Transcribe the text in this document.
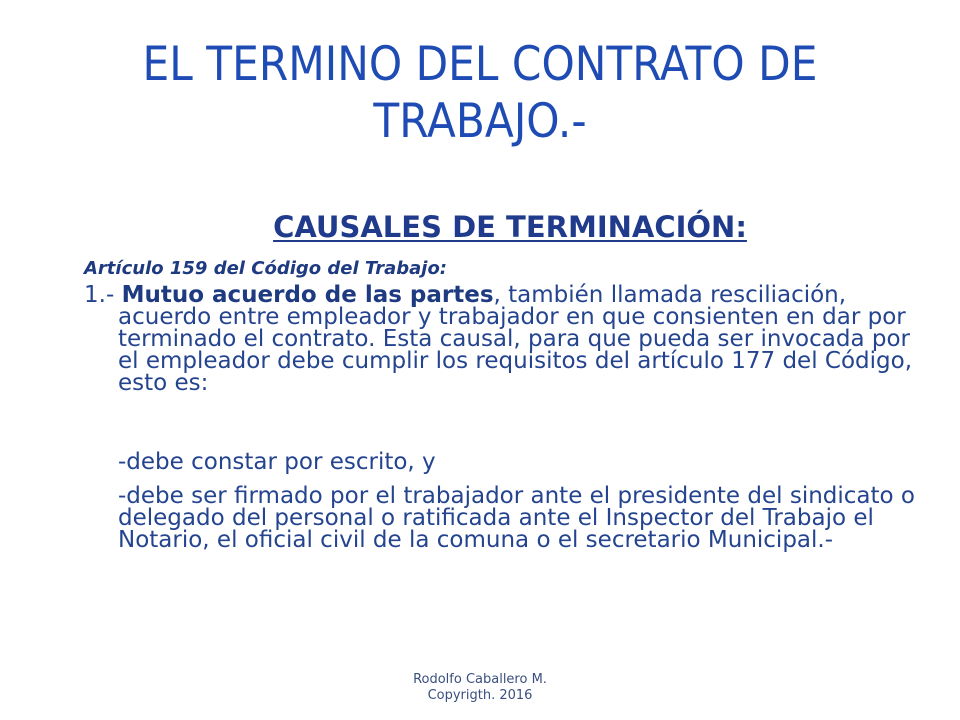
EL TERMINO DEL CONTRATO DE
TRABAJO.-
CAUSALES DE TERMINACIÓN:

Artículo 159 del Código del Trabajo:

1.- Mutuo acuerdo de las partes, también llamada resciliación, acuerdo entre empleador y trabajador en que consienten en dar por terminado el contrato. Esta causal, para que pueda ser invocada por el empleador debe cumplir los requisitos del artículo 177 del Código, esto es:

-debe constar por escrito, y

-debe ser firmado por el trabajador ante el presidente del sindicato o delegado del personal o ratificada ante el Inspector del Trabajo el Notario, el oficial civil de la comuna o el secretario Municipal.-

Rodolfo Caballero M.
Copyrigth. 2016
